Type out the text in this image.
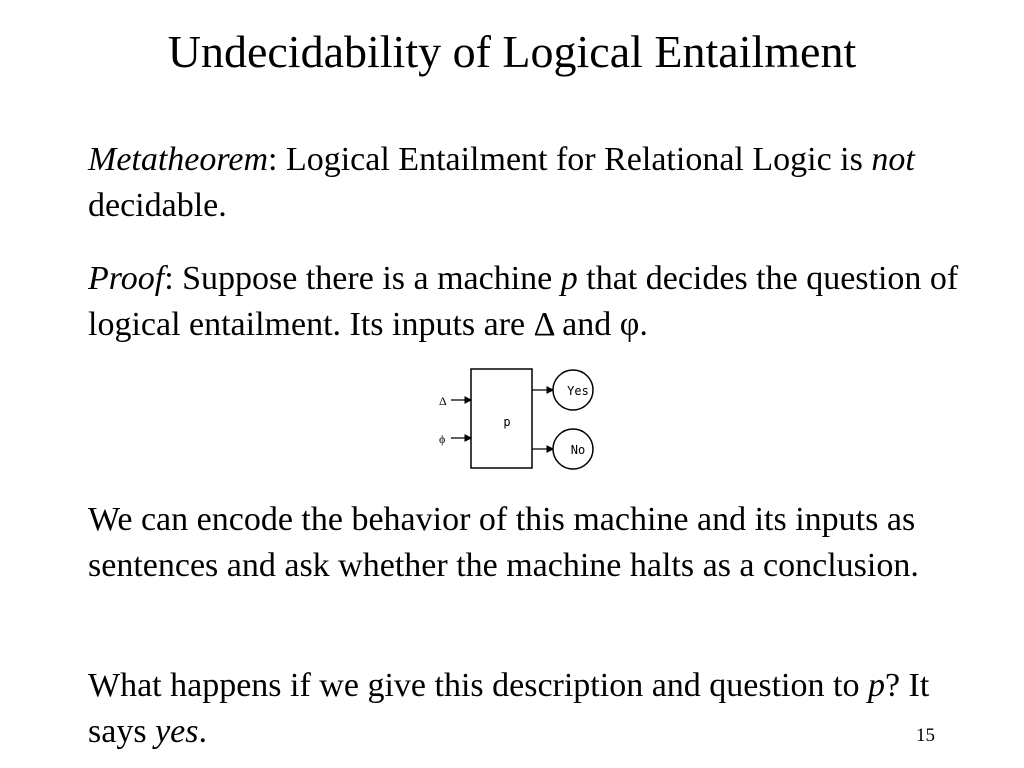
Undecidability of Logical Entailment

Metatheorem: Logical Entailment for Relational Logic is not decidable.

Proof: Suppose there is a machine p that decides the question of logical entailment. Its inputs are Δ and φ.

p
Δ
ϕ
Yes
No

We can encode the behavior of this machine and its inputs as sentences and ask whether the machine halts as a conclusion.

What happens if we give this description and question to p? It says yes.	15
